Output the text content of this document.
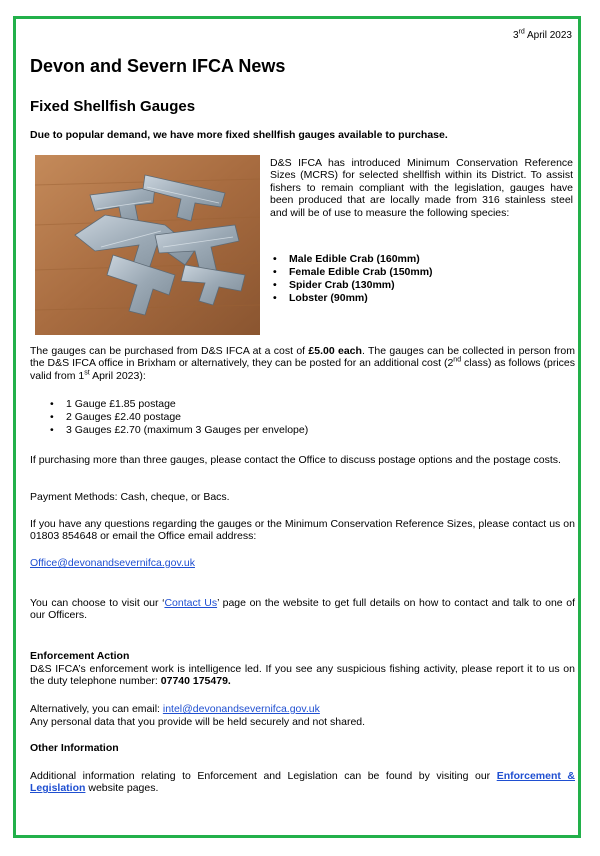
3rd April 2023
Devon and Severn IFCA News
Fixed Shellfish Gauges
Due to popular demand, we have more fixed shellfish gauges available to purchase.
D&S IFCA has introduced Minimum Conservation Reference Sizes (MCRS) for selected shellfish within its District. To assist fishers to remain compliant with the legislation, gauges have been produced that are locally made from 316 stainless steel and will be of use to measure the following species:
• Male Edible Crab (160mm)
• Female Edible Crab (150mm)
• Spider Crab (130mm)
• Lobster (90mm)
The gauges can be purchased from D&S IFCA at a cost of £5.00 each. The gauges can be collected in person from the D&S IFCA office in Brixham or alternatively, they can be posted for an additional cost (2nd class) as follows (prices valid from 1st April 2023):
• 1 Gauge £1.85 postage
• 2 Gauges £2.40 postage
• 3 Gauges £2.70 (maximum 3 Gauges per envelope)
If purchasing more than three gauges, please contact the Office to discuss postage options and the postage costs.
Payment Methods: Cash, cheque, or Bacs.
If you have any questions regarding the gauges or the Minimum Conservation Reference Sizes, please contact us on 01803 854648 or email the Office email address:
Office@devonandsevernifca.gov.uk
You can choose to visit our ‘Contact Us’ page on the website to get full details on how to contact and talk to one of our Officers.
Enforcement Action
D&S IFCA’s enforcement work is intelligence led. If you see any suspicious fishing activity, please report it to us on the duty telephone number: 07740 175479.
Alternatively, you can email: intel@devonandsevernifca.gov.uk
Any personal data that you provide will be held securely and not shared.
Other Information
Additional information relating to Enforcement and Legislation can be found by visiting our Enforcement & Legislation website pages.
